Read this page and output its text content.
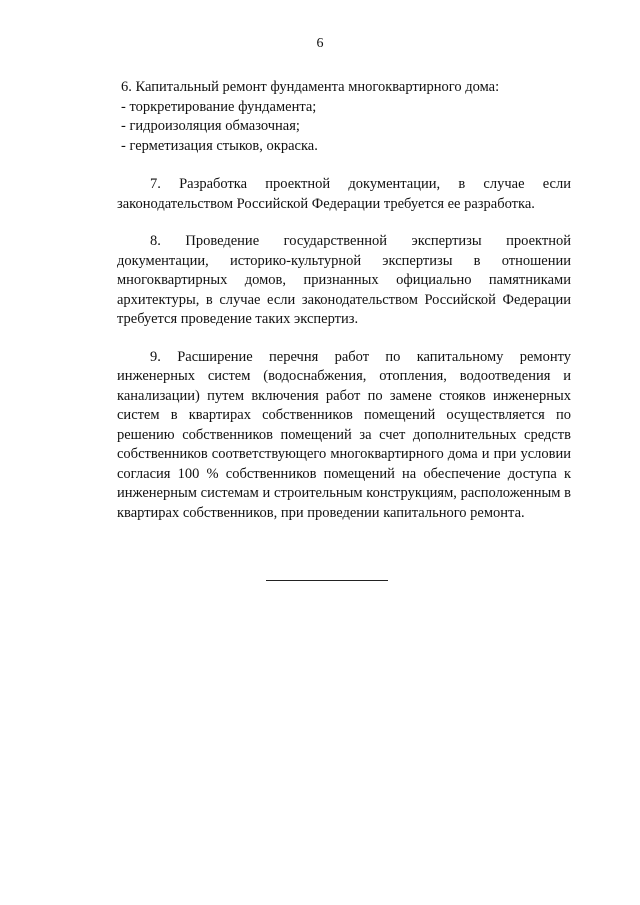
6

6. Капитальный ремонт фундамента многоквартирного дома:

- торкретирование фундамента;
- гидроизоляция обмазочная;
- герметизация стыков, окраска.

7. Разработка проектной документации, в случае если законодательством Российской Федерации требуется ее разработка.

8. Проведение государственной экспертизы проектной документации, историко-культурной экспертизы в отношении многоквартирных домов, признанных официально памятниками архитектуры, в случае если законодательством Российской Федерации требуется проведение таких экспертиз.

9. Расширение перечня работ по капитальному ремонту инженерных систем (водоснабжения, отопления, водоотведения и канализации) путем включения работ по замене стояков инженерных систем в квартирах собственников помещений осуществляется по решению собственников помещений за счет дополнительных средств собственников соответствующего многоквартирного дома и при условии согласия 100 % собственников помещений на обеспечение доступа к инженерным системам и строительным конструкциям, расположенным в квартирах собственников, при проведении капитального ремонта.
